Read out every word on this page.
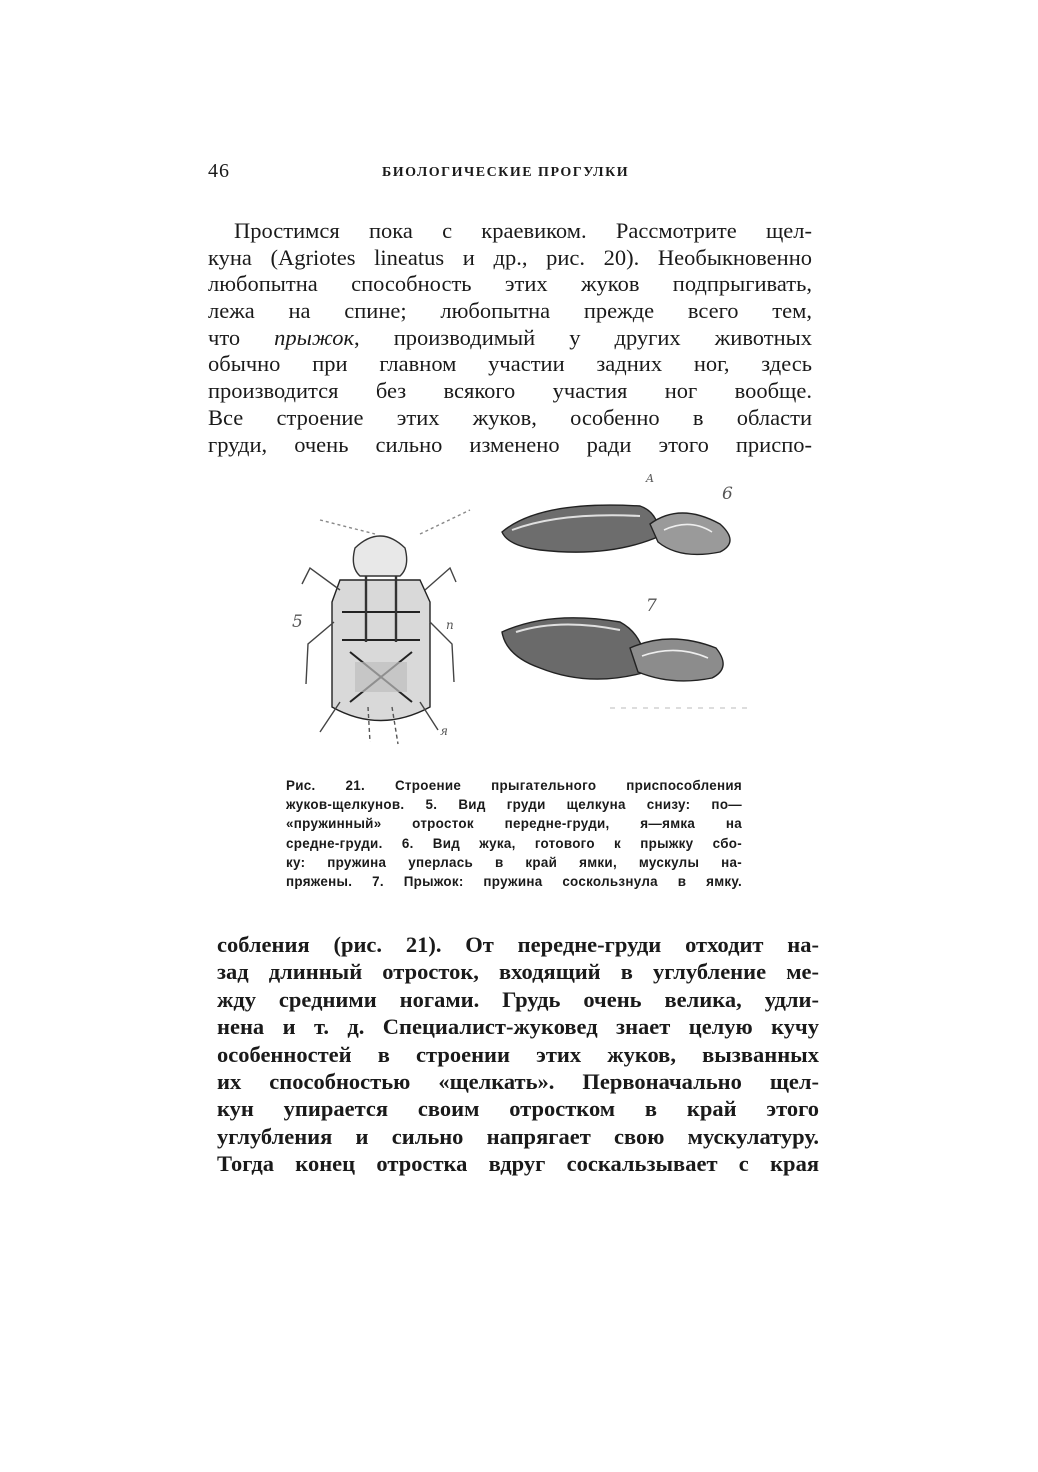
46	БИОЛОГИЧЕСКИЕ ПРОГУЛКИ
Простимся пока с краевиком. Рассмотрите щел-
куна (Agriotes lineatus и др., рис. 20). Необыкновенно
любопытна способность этих жуков подпрыгивать,
лежа на спине; любопытна прежде всего тем,
что прыжок, производимый у других животных
обычно при главном участии задних ног, здесь
производится без всякого участия ног вообще.
Все строение этих жуков, особенно в области
груди, очень сильно изменено ради этого приспо-
5
6
7
A
п
я
Рис. 21. Строение прыгательного приспособления
жуков-щелкунов. 5. Вид груди щелкуна снизу: по—
«пружинный» отросток передне-груди, я—ямка на
средне-груди. 6. Вид жука, готового к прыжку сбо-
ку: пружина уперлась в край ямки, мускулы на-
пряжены. 7. Прыжок: пружина соскользнула в ямку.
собления (рис. 21). От передне-груди отходит на-
зад длинный отросток, входящий в углубление ме-
жду средними ногами. Грудь очень велика, удли-
нена и т. д. Специалист-жуковед знает целую кучу
особенностей в строении этих жуков, вызванных
их способностью «щелкать». Первоначально щел-
кун упирается своим отростком в край этого
углубления и сильно напрягает свою мускулатуру.
Тогда конец отростка вдруг соскальзывает с края
